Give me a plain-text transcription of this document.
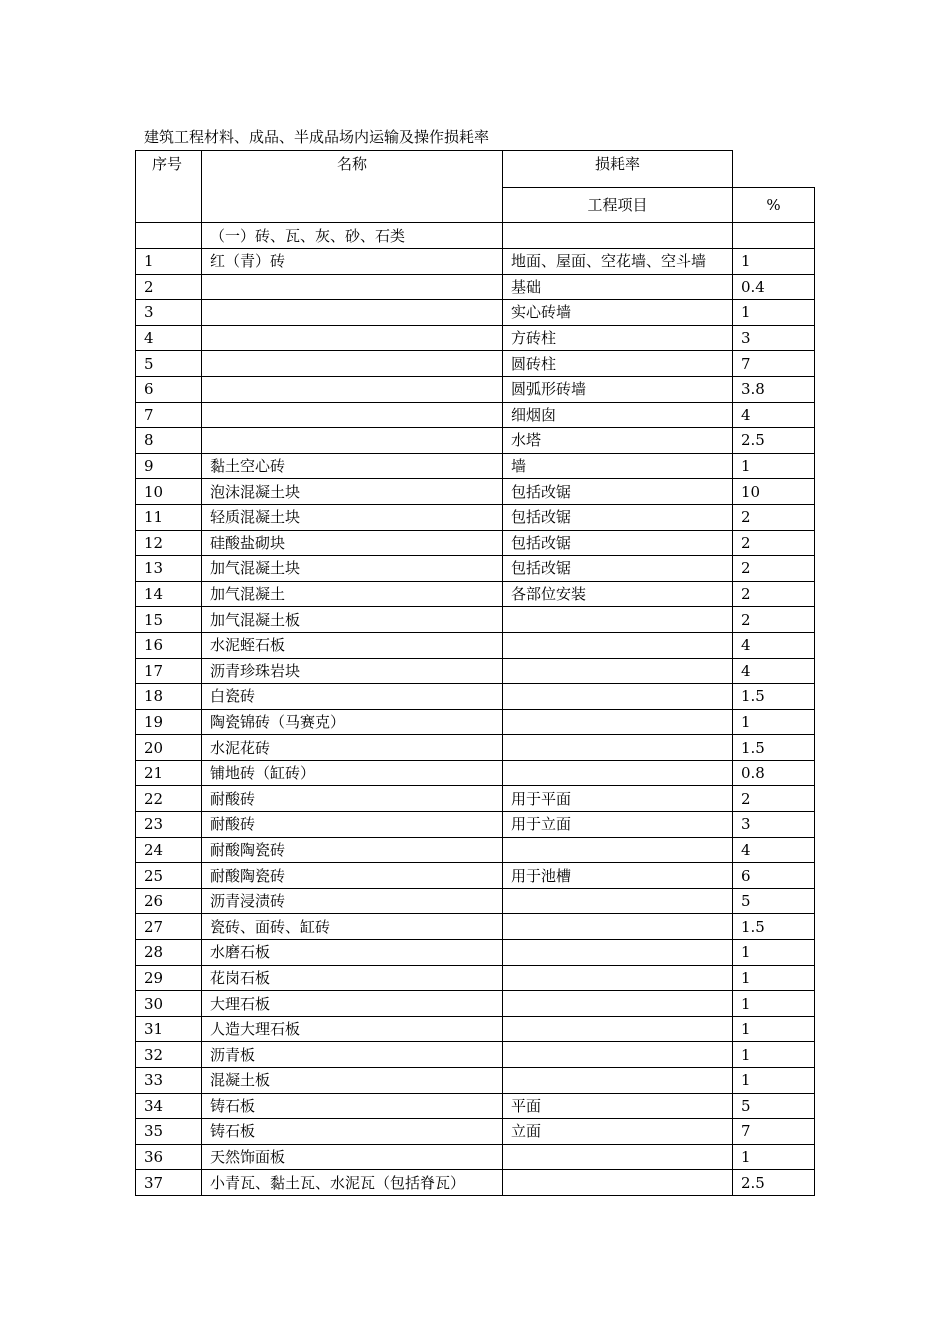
建筑工程材料、成品、半成品场内运输及操作损耗率
序号	名称	损耗率	
		工程项目	%
	（一）砖、瓦、灰、砂、石类		
1	红（青）砖	地面、屋面、空花墙、空斗墙	1
2		基础	0.4
3		实心砖墙	1
4		方砖柱	3
5		圆砖柱	7
6		圆弧形砖墙	3.8
7		细烟囱	4
8		水塔	2.5
9	黏土空心砖	墙	1
10	泡沫混凝土块	包括改锯	10
11	轻质混凝土块	包括改锯	2
12	硅酸盐砌块	包括改锯	2
13	加气混凝土块	包括改锯	2
14	加气混凝土	各部位安装	2
15	加气混凝土板		2
16	水泥蛭石板		4
17	沥青珍珠岩块		4
18	白瓷砖		1.5
19	陶瓷锦砖（马赛克）		1
20	水泥花砖		1.5
21	铺地砖（缸砖）		0.8
22	耐酸砖	用于平面	2
23	耐酸砖	用于立面	3
24	耐酸陶瓷砖		4
25	耐酸陶瓷砖	用于池槽	6
26	沥青浸渍砖		5
27	瓷砖、面砖、缸砖		1.5
28	水磨石板		1
29	花岗石板		1
30	大理石板		1
31	人造大理石板		1
32	沥青板		1
33	混凝土板		1
34	铸石板	平面	5
35	铸石板	立面	7
36	天然饰面板		1
37	小青瓦、黏土瓦、水泥瓦（包括脊瓦）		2.5
